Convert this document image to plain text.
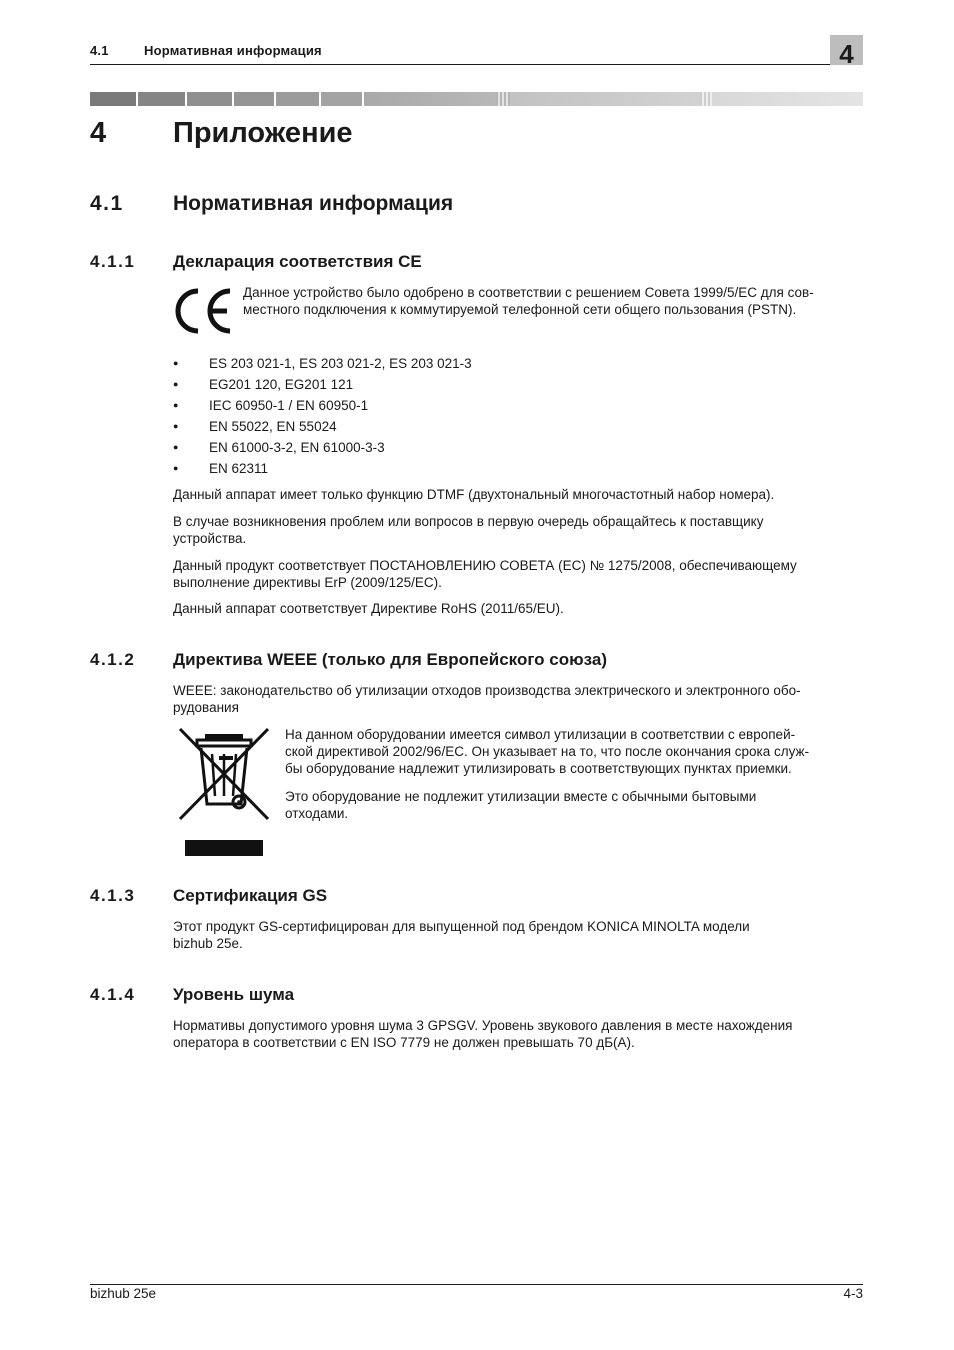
4.1	Нормативная информация	4
4 Приложение
4.1 Нормативная информация
4.1.1 Декларация соответствия CE
Данное устройство было одобрено в соответствии с решением Совета 1999/5/EC для сов-
местного подключения к коммутируемой телефонной сети общего пользования (PSTN).
● ES 203 021-1, ES 203 021-2, ES 203 021-3
● EG201 120, EG201 121
● IEC 60950-1 / EN 60950-1
● EN 55022, EN 55024
● EN 61000-3-2, EN 61000-3-3
● EN 62311
Данный аппарат имеет только функцию DTMF (двухтональный многочастотный набор номера).
В случае возникновения проблем или вопросов в первую очередь обращайтесь к поставщику
устройства.
Данный продукт соответствует ПОСТАНОВЛЕНИЮ СОВЕТА (EC) № 1275/2008, обеспечивающему
выполнение директивы ErP (2009/125/EC).
Данный аппарат соответствует Директиве RoHS (2011/65/EU).
4.1.2 Директива WEEE (только для Европейского союза)
WEEE: законодательство об утилизации отходов производства электрического и электронного обо-
рудования
На данном оборудовании имеется символ утилизации в соответствии с европей-
ской директивой 2002/96/EC. Он указывает на то, что после окончания срока служ-
бы оборудование надлежит утилизировать в соответствующих пунктах приемки.
Это оборудование не подлежит утилизации вместе с обычными бытовыми
отходами.
4.1.3 Сертификация GS
Этот продукт GS-сертифицирован для выпущенной под брендом KONICA MINOLTA модели
bizhub 25e.
4.1.4 Уровень шума
Нормативы допустимого уровня шума 3 GPSGV. Уровень звукового давления в месте нахождения
оператора в соответствии с EN ISO 7779 не должен превышать 70 дБ(А).
bizhub 25e	4-3
